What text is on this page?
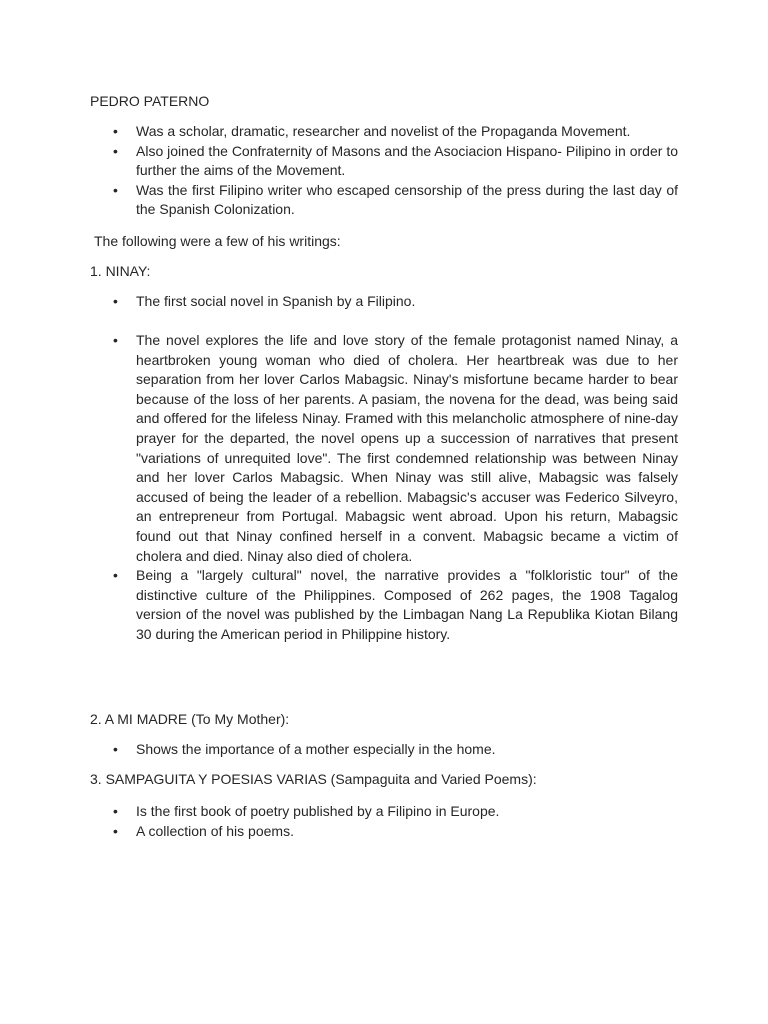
PEDRO PATERNO

• Was a scholar, dramatic, researcher and novelist of the Propaganda Movement.
• Also joined the Confraternity of Masons and the Asociacion Hispano- Pilipino in order to further the aims of the Movement.
• Was the first Filipino writer who escaped censorship of the press during the last day of the Spanish Colonization.

The following were a few of his writings:

1. NINAY:

• The first social novel in Spanish by a Filipino.
• The novel explores the life and love story of the female protagonist named Ninay, a heartbroken young woman who died of cholera. Her heartbreak was due to her separation from her lover Carlos Mabagsic. Ninay's misfortune became harder to bear because of the loss of her parents. A pasiam, the novena for the dead, was being said and offered for the lifeless Ninay. Framed with this melancholic atmosphere of nine-day prayer for the departed, the novel opens up a succession of narratives that present "variations of unrequited love". The first condemned relationship was between Ninay and her lover Carlos Mabagsic. When Ninay was still alive, Mabagsic was falsely accused of being the leader of a rebellion. Mabagsic's accuser was Federico Silveyro, an entrepreneur from Portugal. Mabagsic went abroad. Upon his return, Mabagsic found out that Ninay confined herself in a convent. Mabagsic became a victim of cholera and died. Ninay also died of cholera.
• Being a "largely cultural" novel, the narrative provides a "folkloristic tour" of the distinctive culture of the Philippines. Composed of 262 pages, the 1908 Tagalog version of the novel was published by the Limbagan Nang La Republika Kiotan Bilang 30 during the American period in Philippine history.

2. A MI MADRE (To My Mother):

• Shows the importance of a mother especially in the home.

3. SAMPAGUITA Y POESIAS VARIAS (Sampaguita and Varied Poems):

• Is the first book of poetry published by a Filipino in Europe.
• A collection of his poems.
